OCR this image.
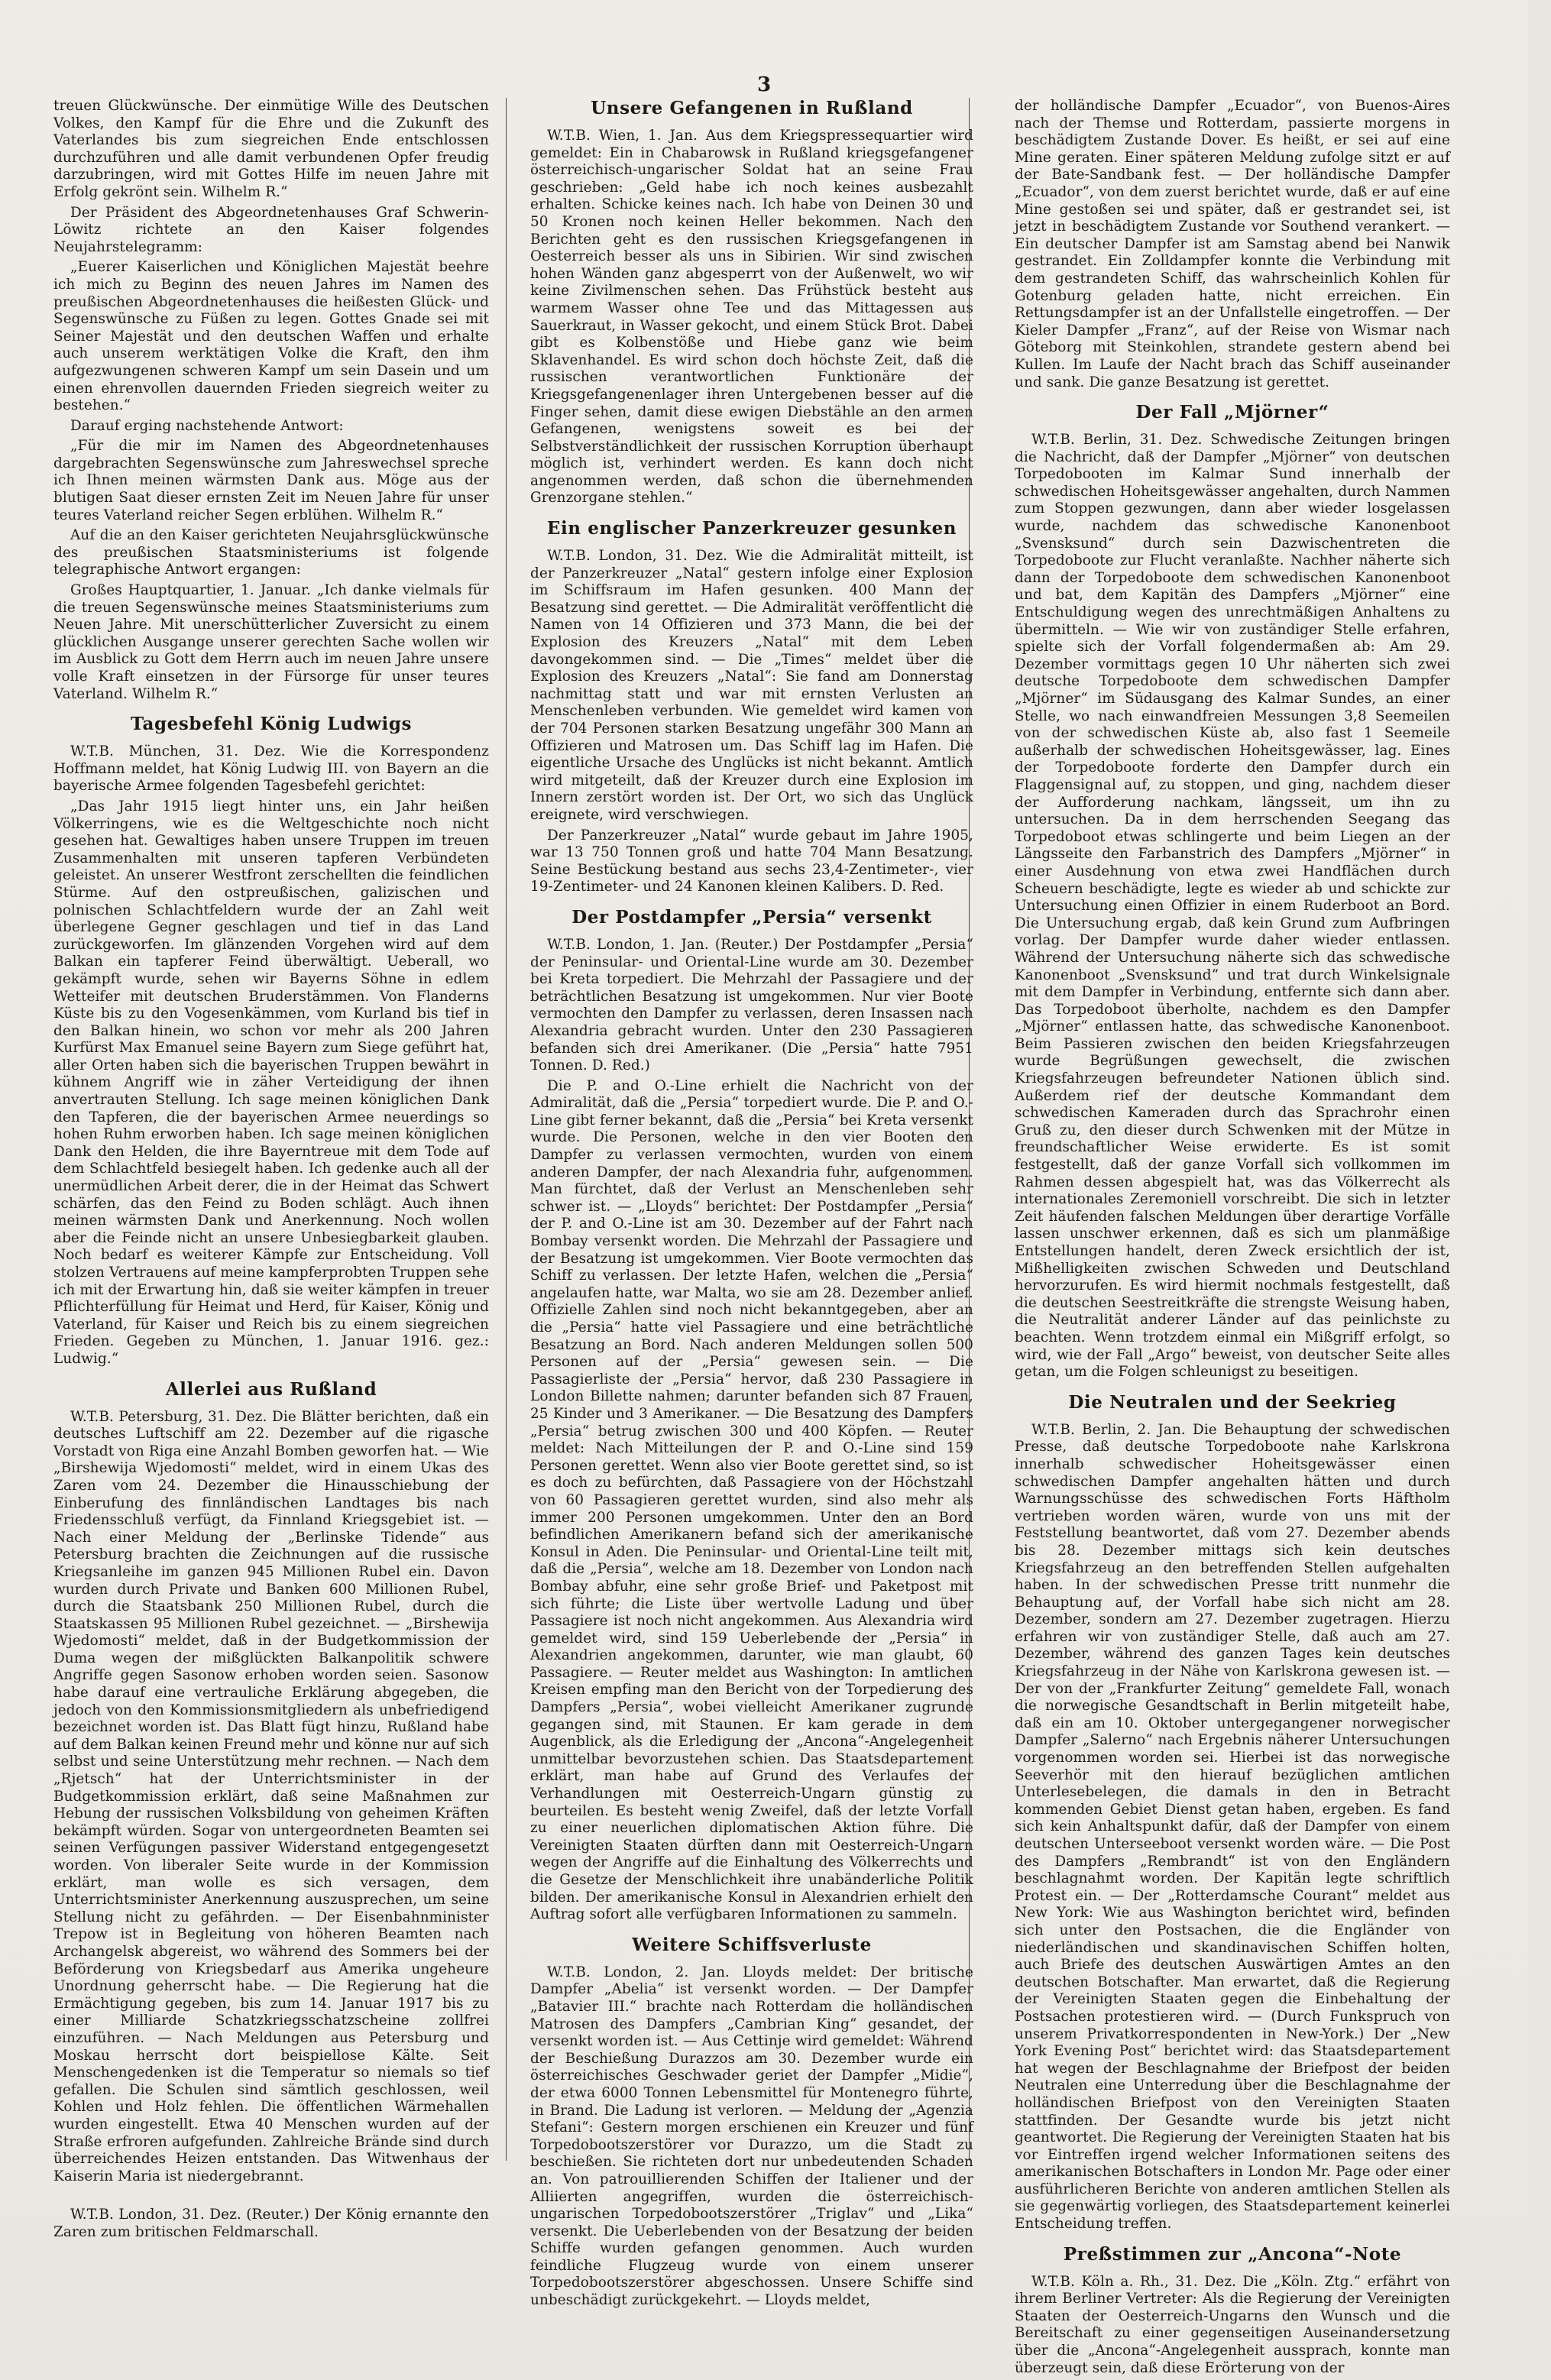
3

treuen Glückwünsche. Der einmütige Wille des Deutschen Volkes, den Kampf für die Ehre und die Zukunft des Vaterlandes bis zum siegreichen Ende entschlossen durchzuführen und alle damit verbundenen Opfer freudig darzubringen, wird mit Gottes Hilfe im neuen Jahre mit Erfolg gekrönt sein. Wilhelm R.“

Der Präsident des Abgeordnetenhauses Graf Schwerin-Löwitz richtete an den Kaiser folgendes Neujahrstelegramm:

„Euerer Kaiserlichen und Königlichen Majestät beehre ich mich zu Beginn des neuen Jahres im Namen des preußischen Abgeordnetenhauses die heißesten Glück- und Segenswünsche zu Füßen zu legen. Gottes Gnade sei mit Seiner Majestät und den deutschen Waffen und erhalte auch unserem werktätigen Volke die Kraft, den ihm aufgezwungenen schweren Kampf um sein Dasein und um einen ehrenvollen dauernden Frieden siegreich weiter zu bestehen.“

Darauf erging nachstehende Antwort:

„Für die mir im Namen des Abgeordnetenhauses dargebrachten Segenswünsche zum Jahreswechsel spreche ich Ihnen meinen wärmsten Dank aus. Möge aus der blutigen Saat dieser ernsten Zeit im Neuen Jahre für unser teures Vaterland reicher Segen erblühen. Wilhelm R.“

Auf die an den Kaiser gerichteten Neujahrsglückwünsche des preußischen Staatsministeriums ist folgende telegraphische Antwort ergangen:

Großes Hauptquartier, 1. Januar. „Ich danke vielmals für die treuen Segenswünsche meines Staatsministeriums zum Neuen Jahre. Mit unerschütterlicher Zuversicht zu einem glücklichen Ausgange unserer gerechten Sache wollen wir im Ausblick zu Gott dem Herrn auch im neuen Jahre unsere volle Kraft einsetzen in der Fürsorge für unser teures Vaterland. Wilhelm R.“

Tagesbefehl König Ludwigs

W.T.B. München, 31. Dez. Wie die Korrespondenz Hoffmann meldet, hat König Ludwig III. von Bayern an die bayerische Armee folgenden Tagesbefehl gerichtet:

„Das Jahr 1915 liegt hinter uns, ein Jahr heißen Völkerringens, wie es die Weltgeschichte noch nicht gesehen hat. Gewaltiges haben unsere Truppen im treuen Zusammenhalten mit unseren tapferen Verbündeten geleistet. An unserer Westfront zerschellten die feindlichen Stürme. Auf den ostpreußischen, galizischen und polnischen Schlachtfeldern wurde der an Zahl weit überlegene Gegner geschlagen und tief in das Land zurückgeworfen. Im glänzenden Vorgehen wird auf dem Balkan ein tapferer Feind überwältigt. Ueberall, wo gekämpft wurde, sehen wir Bayerns Söhne in edlem Wetteifer mit deutschen Bruderstämmen. Von Flanderns Küste bis zu den Vogesenkämmen, vom Kurland bis tief in den Balkan hinein, wo schon vor mehr als 200 Jahren Kurfürst Max Emanuel seine Bayern zum Siege geführt hat, aller Orten haben sich die bayerischen Truppen bewährt in kühnem Angriff wie in zäher Verteidigung der ihnen anvertrauten Stellung. Ich sage meinen königlichen Dank den Tapferen, die der bayerischen Armee neuerdings so hohen Ruhm erworben haben. Ich sage meinen königlichen Dank den Helden, die ihre Bayerntreue mit dem Tode auf dem Schlachtfeld besiegelt haben. Ich gedenke auch all der unermüdlichen Arbeit derer, die in der Heimat das Schwert schärfen, das den Feind zu Boden schlägt. Auch ihnen meinen wärmsten Dank und Anerkennung. Noch wollen aber die Feinde nicht an unsere Unbesiegbarkeit glauben. Noch bedarf es weiterer Kämpfe zur Entscheidung. Voll stolzen Vertrauens auf meine kampferprobten Truppen sehe ich mit der Erwartung hin, daß sie weiter kämpfen in treuer Pflichterfüllung für Heimat und Herd, für Kaiser, König und Vaterland, für Kaiser und Reich bis zu einem siegreichen Frieden. Gegeben zu München, 1. Januar 1916. gez.: Ludwig.“

Allerlei aus Rußland

W.T.B. Petersburg, 31. Dez. Die Blätter berichten, daß ein deutsches Luftschiff am 22. Dezember auf die rigasche Vorstadt von Riga eine Anzahl Bomben geworfen hat. — Wie „Birshewija Wjedomosti“ meldet, wird in einem Ukas des Zaren vom 24. Dezember die Hinausschiebung der Einberufung des finnländischen Landtages bis nach Friedensschluß verfügt, da Finnland Kriegsgebiet ist. — Nach einer Meldung der „Berlinske Tidende“ aus Petersburg brachten die Zeichnungen auf die russische Kriegsanleihe im ganzen 945 Millionen Rubel ein. Davon wurden durch Private und Banken 600 Millionen Rubel, durch die Staatsbank 250 Millionen Rubel, durch die Staatskassen 95 Millionen Rubel gezeichnet. — „Birshewija Wjedomosti“ meldet, daß in der Budgetkommission der Duma wegen der mißglückten Balkanpolitik schwere Angriffe gegen Sasonow erhoben worden seien. Sasonow habe darauf eine vertrauliche Erklärung abgegeben, die jedoch von den Kommissionsmitgliedern als unbefriedigend bezeichnet worden ist. Das Blatt fügt hinzu, Rußland habe auf dem Balkan keinen Freund mehr und könne nur auf sich selbst und seine Unterstützung mehr rechnen. — Nach dem „Rjetsch“ hat der Unterrichtsminister in der Budgetkommission erklärt, daß seine Maßnahmen zur Hebung der russischen Volksbildung von geheimen Kräften bekämpft würden. Sogar von untergeordneten Beamten sei seinen Verfügungen passiver Widerstand entgegengesetzt worden. Von liberaler Seite wurde in der Kommission erklärt, man wolle es sich versagen, dem Unterrichtsminister Anerkennung auszusprechen, um seine Stellung nicht zu gefährden. — Der Eisenbahnminister Trepow ist in Begleitung von höheren Beamten nach Archangelsk abgereist, wo während des Sommers bei der Beförderung von Kriegsbedarf aus Amerika ungeheure Unordnung geherrscht habe. — Die Regierung hat die Ermächtigung gegeben, bis zum 14. Januar 1917 bis zu einer Milliarde Schatzkriegsschatzscheine zollfrei einzuführen. — Nach Meldungen aus Petersburg und Moskau herrscht dort beispiellose Kälte. Seit Menschengedenken ist die Temperatur so niemals so tief gefallen. Die Schulen sind sämtlich geschlossen, weil Kohlen und Holz fehlen. Die öffentlichen Wärmehallen wurden eingestellt. Etwa 40 Menschen wurden auf der Straße erfroren aufgefunden. Zahlreiche Brände sind durch überreichendes Heizen entstanden. Das Witwenhaus der Kaiserin Maria ist niedergebrannt.

W.T.B. London, 31. Dez. (Reuter.) Der König ernannte den Zaren zum britischen Feldmarschall.

Unsere Gefangenen in Rußland

W.T.B. Wien, 1. Jan. Aus dem Kriegspressequartier wird gemeldet: Ein in Chabarowsk in Rußland kriegsgefangener österreichisch-ungarischer Soldat hat an seine Frau geschrieben: „Geld habe ich noch keines ausbezahlt erhalten. Schicke keines nach. Ich habe von Deinen 30 und 50 Kronen noch keinen Heller bekommen. Nach den Berichten geht es den russischen Kriegsgefangenen in Oesterreich besser als uns in Sibirien. Wir sind zwischen hohen Wänden ganz abgesperrt von der Außenwelt, wo wir keine Zivilmenschen sehen. Das Frühstück besteht aus warmem Wasser ohne Tee und das Mittagessen aus Sauerkraut, in Wasser gekocht, und einem Stück Brot. Dabei gibt es Kolbenstöße und Hiebe ganz wie beim Sklavenhandel. Es wird schon doch höchste Zeit, daß die russischen verantwortlichen Funktionäre der Kriegsgefangenenlager ihren Untergebenen besser auf die Finger sehen, damit diese ewigen Diebstähle an den armen Gefangenen, wenigstens soweit es bei der Selbstverständlichkeit der russischen Korruption überhaupt möglich ist, verhindert werden. Es kann doch nicht angenommen werden, daß schon die übernehmenden Grenzorgane stehlen.“

Ein englischer Panzerkreuzer gesunken

W.T.B. London, 31. Dez. Wie die Admiralität mitteilt, ist der Panzerkreuzer „Natal“ gestern infolge einer Explosion im Schiffsraum im Hafen gesunken. 400 Mann der Besatzung sind gerettet. — Die Admiralität veröffentlicht die Namen von 14 Offizieren und 373 Mann, die bei der Explosion des Kreuzers „Natal“ mit dem Leben davongekommen sind. — Die „Times“ meldet über die Explosion des Kreuzers „Natal“: Sie fand am Donnerstag nachmittag statt und war mit ernsten Verlusten an Menschenleben verbunden. Wie gemeldet wird kamen von der 704 Personen starken Besatzung ungefähr 300 Mann an Offizieren und Matrosen um. Das Schiff lag im Hafen. Die eigentliche Ursache des Unglücks ist nicht bekannt. Amtlich wird mitgeteilt, daß der Kreuzer durch eine Explosion im Innern zerstört worden ist. Der Ort, wo sich das Unglück ereignete, wird verschwiegen.

Der Panzerkreuzer „Natal“ wurde gebaut im Jahre 1905, war 13 750 Tonnen groß und hatte 704 Mann Besatzung. Seine Bestückung bestand aus sechs 23,4-Zentimeter-, vier 19-Zentimeter- und 24 Kanonen kleinen Kalibers. D. Red.

Der Postdampfer „Persia“ versenkt

W.T.B. London, 1. Jan. (Reuter.) Der Postdampfer „Persia“ der Peninsular- und Oriental-Line wurde am 30. Dezember bei Kreta torpediert. Die Mehrzahl der Passagiere und der beträchtlichen Besatzung ist umgekommen. Nur vier Boote vermochten den Dampfer zu verlassen, deren Insassen nach Alexandria gebracht wurden. Unter den 230 Passagieren befanden sich drei Amerikaner. (Die „Persia“ hatte 7951 Tonnen. D. Red.)

Die P. and O.-Line erhielt die Nachricht von der Admiralität, daß die „Persia“ torpediert wurde. Die P. and O.-Line gibt ferner bekannt, daß die „Persia“ bei Kreta versenkt wurde. Die Personen, welche in den vier Booten den Dampfer zu verlassen vermochten, wurden von einem anderen Dampfer, der nach Alexandria fuhr, aufgenommen. Man fürchtet, daß der Verlust an Menschenleben sehr schwer ist. — „Lloyds“ berichtet: Der Postdampfer „Persia“ der P. and O.-Line ist am 30. Dezember auf der Fahrt nach Bombay versenkt worden. Die Mehrzahl der Passagiere und der Besatzung ist umgekommen. Vier Boote vermochten das Schiff zu verlassen. Der letzte Hafen, welchen die „Persia“ angelaufen hatte, war Malta, wo sie am 28. Dezember anlief. Offizielle Zahlen sind noch nicht bekanntgegeben, aber an die „Persia“ hatte viel Passagiere und eine beträchtliche Besatzung an Bord. Nach anderen Meldungen sollen 500 Personen auf der „Persia“ gewesen sein. — Die Passagierliste der „Persia“ hervor, daß 230 Passagiere in London Billette nahmen; darunter befanden sich 87 Frauen, 25 Kinder und 3 Amerikaner. — Die Besatzung des Dampfers „Persia“ betrug zwischen 300 und 400 Köpfen. — Reuter meldet: Nach Mitteilungen der P. and O.-Line sind 159 Personen gerettet. Wenn also vier Boote gerettet sind, so ist es doch zu befürchten, daß Passagiere von der Höchstzahl von 60 Passagieren gerettet wurden, sind also mehr als immer 200 Personen umgekommen. Unter den an Bord befindlichen Amerikanern befand sich der amerikanische Konsul in Aden. Die Peninsular- und Oriental-Line teilt mit, daß die „Persia“, welche am 18. Dezember von London nach Bombay abfuhr, eine sehr große Brief- und Paketpost mit sich führte; die Liste über wertvolle Ladung und über Passagiere ist noch nicht angekommen. Aus Alexandria wird gemeldet wird, sind 159 Ueberlebende der „Persia“ in Alexandrien angekommen, darunter, wie man glaubt, 60 Passagiere. — Reuter meldet aus Washington: In amtlichen Kreisen empfing man den Bericht von der Torpedierung des Dampfers „Persia“, wobei vielleicht Amerikaner zugrunde gegangen sind, mit Staunen. Er kam gerade in dem Augenblick, als die Erledigung der „Ancona“-Angelegenheit unmittelbar bevorzustehen schien. Das Staatsdepartement erklärt, man habe auf Grund des Verlaufes der Verhandlungen mit Oesterreich-Ungarn günstig zu beurteilen. Es besteht wenig Zweifel, daß der letzte Vorfall zu einer neuerlichen diplomatischen Aktion führe. Die Vereinigten Staaten dürften dann mit Oesterreich-Ungarn wegen der Angriffe auf die Einhaltung des Völkerrechts und die Gesetze der Menschlichkeit ihre unabänderliche Politik bilden. Der amerikanische Konsul in Alexandrien erhielt den Auftrag sofort alle verfügbaren Informationen zu sammeln.

Weitere Schiffsverluste

W.T.B. London, 2. Jan. Lloyds meldet: Der britische Dampfer „Abelia“ ist versenkt worden. — Der Dampfer „Batavier III.“ brachte nach Rotterdam die holländischen Matrosen des Dampfers „Cambrian King“ gesandet, der versenkt worden ist. — Aus Cettinje wird gemeldet: Während der Beschießung Durazzos am 30. Dezember wurde ein österreichisches Geschwader geriet der Dampfer „Midie“, der etwa 6000 Tonnen Lebensmittel für Montenegro führte, in Brand. Die Ladung ist verloren. — Meldung der „Agenzia Stefani“: Gestern morgen erschienen ein Kreuzer und fünf Torpedobootszerstörer vor Durazzo, um die Stadt zu beschießen. Sie richteten dort nur unbedeutenden Schaden an. Von patrouillierenden Schiffen der Italiener und der Alliierten angegriffen, wurden die österreichisch-ungarischen Torpedobootszerstörer „Triglav“ und „Lika“ versenkt. Die Ueberlebenden von der Besatzung der beiden Schiffe wurden gefangen genommen. Auch wurden feindliche Flugzeug wurde von einem unserer Torpedobootszerstörer abgeschossen. Unsere Schiffe sind unbeschädigt zurückgekehrt. — Lloyds meldet,

der holländische Dampfer „Ecuador“, von Buenos-Aires nach der Themse und Rotterdam, passierte morgens in beschädigtem Zustande Dover. Es heißt, er sei auf eine Mine geraten. Einer späteren Meldung zufolge sitzt er auf der Bate-Sandbank fest. — Der holländische Dampfer „Ecuador“, von dem zuerst berichtet wurde, daß er auf eine Mine gestoßen sei und später, daß er gestrandet sei, ist jetzt in beschädigtem Zustande vor Southend verankert. — Ein deutscher Dampfer ist am Samstag abend bei Nanwik gestrandet. Ein Zolldampfer konnte die Verbindung mit dem gestrandeten Schiff, das wahrscheinlich Kohlen für Gotenburg geladen hatte, nicht erreichen. Ein Rettungsdampfer ist an der Unfallstelle eingetroffen. — Der Kieler Dampfer „Franz“, auf der Reise von Wismar nach Göteborg mit Steinkohlen, strandete gestern abend bei Kullen. Im Laufe der Nacht brach das Schiff auseinander und sank. Die ganze Besatzung ist gerettet.

Der Fall „Mjörner“

W.T.B. Berlin, 31. Dez. Schwedische Zeitungen bringen die Nachricht, daß der Dampfer „Mjörner“ von deutschen Torpedobooten im Kalmar Sund innerhalb der schwedischen Hoheitsgewässer angehalten, durch Nammen zum Stoppen gezwungen, dann aber wieder losgelassen wurde, nachdem das schwedische Kanonenboot „Svensksund“ durch sein Dazwischentreten die Torpedoboote zur Flucht veranlaßte. Nachher näherte sich dann der Torpedoboote dem schwedischen Kanonenboot und bat, dem Kapitän des Dampfers „Mjörner“ eine Entschuldigung wegen des unrechtmäßigen Anhaltens zu übermitteln. — Wie wir von zuständiger Stelle erfahren, spielte sich der Vorfall folgendermaßen ab: Am 29. Dezember vormittags gegen 10 Uhr näherten sich zwei deutsche Torpedoboote dem schwedischen Dampfer „Mjörner“ im Südausgang des Kalmar Sundes, an einer Stelle, wo nach einwandfreien Messungen 3,8 Seemeilen von der schwedischen Küste ab, also fast 1 Seemeile außerhalb der schwedischen Hoheitsgewässer, lag. Eines der Torpedoboote forderte den Dampfer durch ein Flaggensignal auf, zu stoppen, und ging, nachdem dieser der Aufforderung nachkam, längsseit, um ihn zu untersuchen. Da in dem herrschenden Seegang das Torpedoboot etwas schlingerte und beim Liegen an der Längsseite den Farbanstrich des Dampfers „Mjörner“ in einer Ausdehnung von etwa zwei Handflächen durch Scheuern beschädigte, legte es wieder ab und schickte zur Untersuchung einen Offizier in einem Ruderboot an Bord. Die Untersuchung ergab, daß kein Grund zum Aufbringen vorlag. Der Dampfer wurde daher wieder entlassen. Während der Untersuchung näherte sich das schwedische Kanonenboot „Svensksund“ und trat durch Winkelsignale mit dem Dampfer in Verbindung, entfernte sich dann aber. Das Torpedoboot überholte, nachdem es den Dampfer „Mjörner“ entlassen hatte, das schwedische Kanonenboot. Beim Passieren zwischen den beiden Kriegsfahrzeugen wurde Begrüßungen gewechselt, die zwischen Kriegsfahrzeugen befreundeter Nationen üblich sind. Außerdem rief der deutsche Kommandant dem schwedischen Kameraden durch das Sprachrohr einen Gruß zu, den dieser durch Schwenken mit der Mütze in freundschaftlicher Weise erwiderte. Es ist somit festgestellt, daß der ganze Vorfall sich vollkommen im Rahmen dessen abgespielt hat, was das Völkerrecht als internationales Zeremoniell vorschreibt. Die sich in letzter Zeit häufenden falschen Meldungen über derartige Vorfälle lassen unschwer erkennen, daß es sich um planmäßige Entstellungen handelt, deren Zweck ersichtlich der ist, Mißhelligkeiten zwischen Schweden und Deutschland hervorzurufen. Es wird hiermit nochmals festgestellt, daß die deutschen Seestreitkräfte die strengste Weisung haben, die Neutralität anderer Länder auf das peinlichste zu beachten. Wenn trotzdem einmal ein Mißgriff erfolgt, so wird, wie der Fall „Argo“ beweist, von deutscher Seite alles getan, um die Folgen schleunigst zu beseitigen.

Die Neutralen und der Seekrieg

W.T.B. Berlin, 2. Jan. Die Behauptung der schwedischen Presse, daß deutsche Torpedoboote nahe Karlskrona innerhalb schwedischer Hoheitsgewässer einen schwedischen Dampfer angehalten hätten und durch Warnungsschüsse des schwedischen Forts Häftholm vertrieben worden wären, wurde von uns mit der Feststellung beantwortet, daß vom 27. Dezember abends bis 28. Dezember mittags sich kein deutsches Kriegsfahrzeug an den betreffenden Stellen aufgehalten haben. In der schwedischen Presse tritt nunmehr die Behauptung auf, der Vorfall habe sich nicht am 28. Dezember, sondern am 27. Dezember zugetragen. Hierzu erfahren wir von zuständiger Stelle, daß auch am 27. Dezember, während des ganzen Tages kein deutsches Kriegsfahrzeug in der Nähe von Karlskrona gewesen ist. — Der von der „Frankfurter Zeitung“ gemeldete Fall, wonach die norwegische Gesandtschaft in Berlin mitgeteilt habe, daß ein am 10. Oktober untergegangener norwegischer Dampfer „Salerno“ nach Ergebnis näherer Untersuchungen vorgenommen worden sei. Hierbei ist das norwegische Seeverhör mit den hierauf bezüglichen amtlichen Unterlesebelegen, die damals in den in Betracht kommenden Gebiet Dienst getan haben, ergeben. Es fand sich kein Anhaltspunkt dafür, daß der Dampfer von einem deutschen Unterseeboot versenkt worden wäre. — Die Post des Dampfers „Rembrandt“ ist von den Engländern beschlagnahmt worden. Der Kapitän legte schriftlich Protest ein. — Der „Rotterdamsche Courant“ meldet aus New York: Wie aus Washington berichtet wird, befinden sich unter den Postsachen, die die Engländer von niederländischen und skandinavischen Schiffen holten, auch Briefe des deutschen Auswärtigen Amtes an den deutschen Botschafter. Man erwartet, daß die Regierung der Vereinigten Staaten gegen die Einbehaltung der Postsachen protestieren wird. — (Durch Funkspruch von unserem Privatkorrespondenten in New-York.) Der „New York Evening Post“ berichtet wird: das Staatsdepartement hat wegen der Beschlagnahme der Briefpost der beiden Neutralen eine Unterredung über die Beschlagnahme der holländischen Briefpost von den Vereinigten Staaten stattfinden. Der Gesandte wurde bis jetzt nicht geantwortet. Die Regierung der Vereinigten Staaten hat bis vor Eintreffen irgend welcher Informationen seitens des amerikanischen Botschafters in London Mr. Page oder einer ausführlicheren Berichte von anderen amtlichen Stellen als sie gegenwärtig vorliegen, des Staatsdepartement keinerlei Entscheidung treffen.

Preßstimmen zur „Ancona“-Note

W.T.B. Köln a. Rh., 31. Dez. Die „Köln. Ztg.“ erfährt von ihrem Berliner Vertreter: Als die Regierung der Vereinigten Staaten der Oesterreich-Ungarns den Wunsch und die Bereitschaft zu einer gegenseitigen Auseinandersetzung über die „Ancona“-Angelegenheit aussprach, konnte man überzeugt sein, daß diese Erörterung von der
